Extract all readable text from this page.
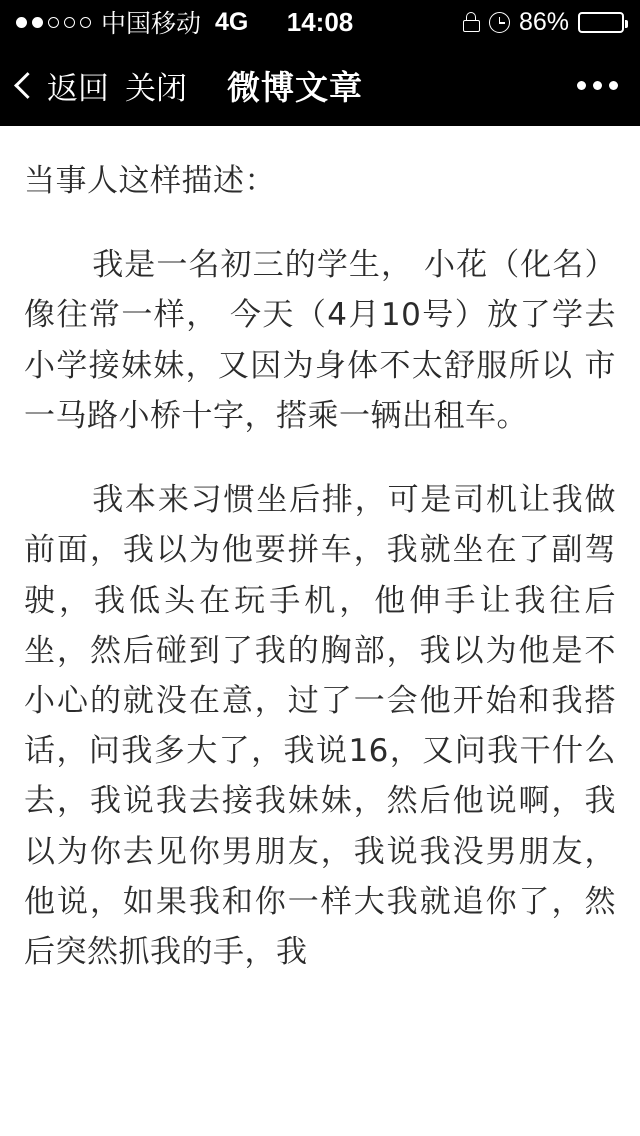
中国移动 4G	14:08	86%
返回 关闭 微博文章

当事人这样描述：

我是一名初三的学生， 小花（化名）像往常一样， 今天（4月10号）放了学去小学接妹妹，又因为身体不太舒服所以 市一马路小桥十字，搭乘一辆出租车。

我本来习惯坐后排，可是司机让我做前面，我以为他要拼车，我就坐在了副驾驶，我低头在玩手机，他伸手让我往后坐，然后碰到了我的胸部，我以为他是不小心的就没在意，过了一会他开始和我搭话，问我多大了，我说16，又问我干什么去，我说我去接我妹妹，然后他说啊，我以为你去见你男朋友，我说我没男朋友，他说，如果我和你一样大我就追你了，然后突然抓我的手，我
